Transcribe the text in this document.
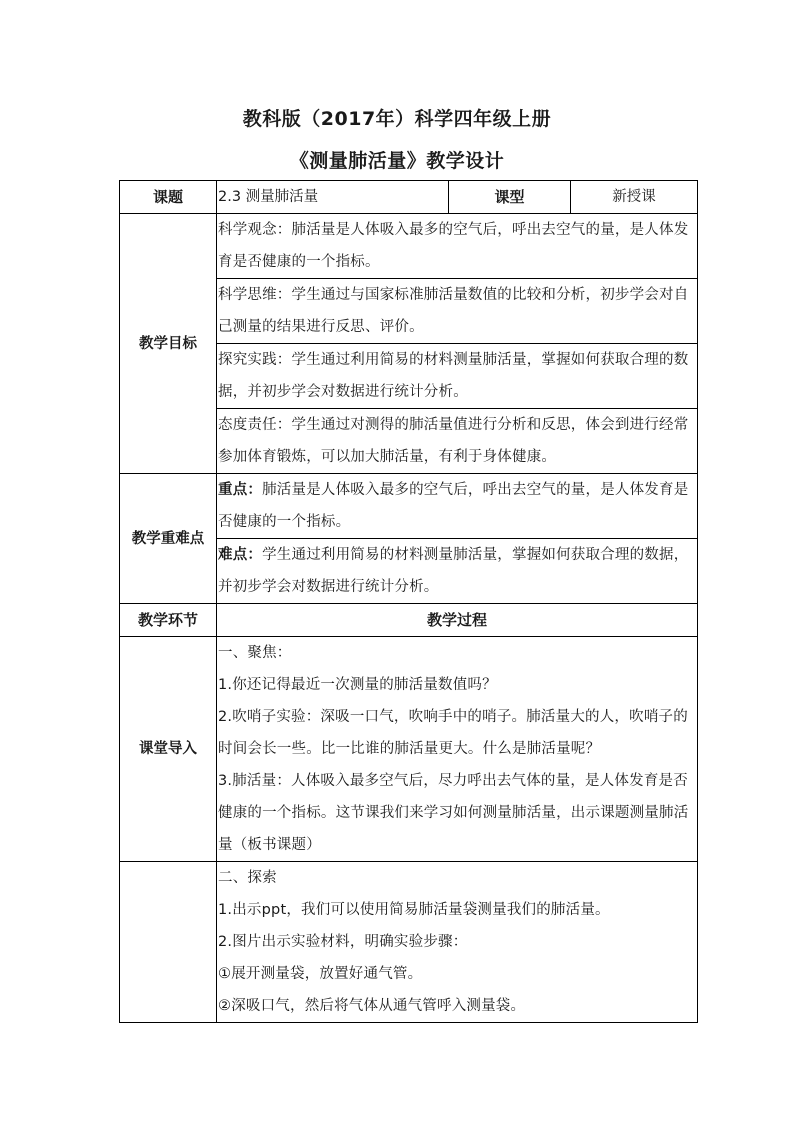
教科版（2017年）科学四年级上册
《测量肺活量》教学设计
课题	2.3 测量肺活量	课型	新授课
教学目标	科学观念：肺活量是人体吸入最多的空气后，呼出去空气的量，是人体发育是否健康的一个指标。		

	科学思维：学生通过与国家标准肺活量数值的比较和分析，初步学会对自己测量的结果进行反思、评价。		

	探究实践：学生通过利用简易的材料测量肺活量，掌握如何获取合理的数据，并初步学会对数据进行统计分析。		

	态度责任：学生通过对测得的肺活量值进行分析和反思，体会到进行经常参加体育锻炼，可以加大肺活量，有利于身体健康。		

教学重难点	重点：肺活量是人体吸入最多的空气后，呼出去空气的量，是人体发育是否健康的一个指标。		

	难点：学生通过利用简易的材料测量肺活量，掌握如何获取合理的数据，并初步学会对数据进行统计分析。		

教学环节	教学过程		
课堂导入	一、聚焦：
1.你还记得最近一次测量的肺活量数值吗？
2.吹哨子实验：深吸一口气，吹响手中的哨子。肺活量大的人，吹哨子的时间会长一些。比一比谁的肺活量更大。什么是肺活量呢？
3.肺活量：人体吸入最多空气后，尽力呼出去气体的量，是人体发育是否健康的一个指标。这节课我们来学习如何测量肺活量，出示课题测量肺活量（板书课题）		

	二、探索
1.出示ppt，我们可以使用简易肺活量袋测量我们的肺活量。
2.图片出示实验材料，明确实验步骤：
①展开测量袋，放置好通气管。
②深吸口气，然后将气体从通气管呼入测量袋。		
